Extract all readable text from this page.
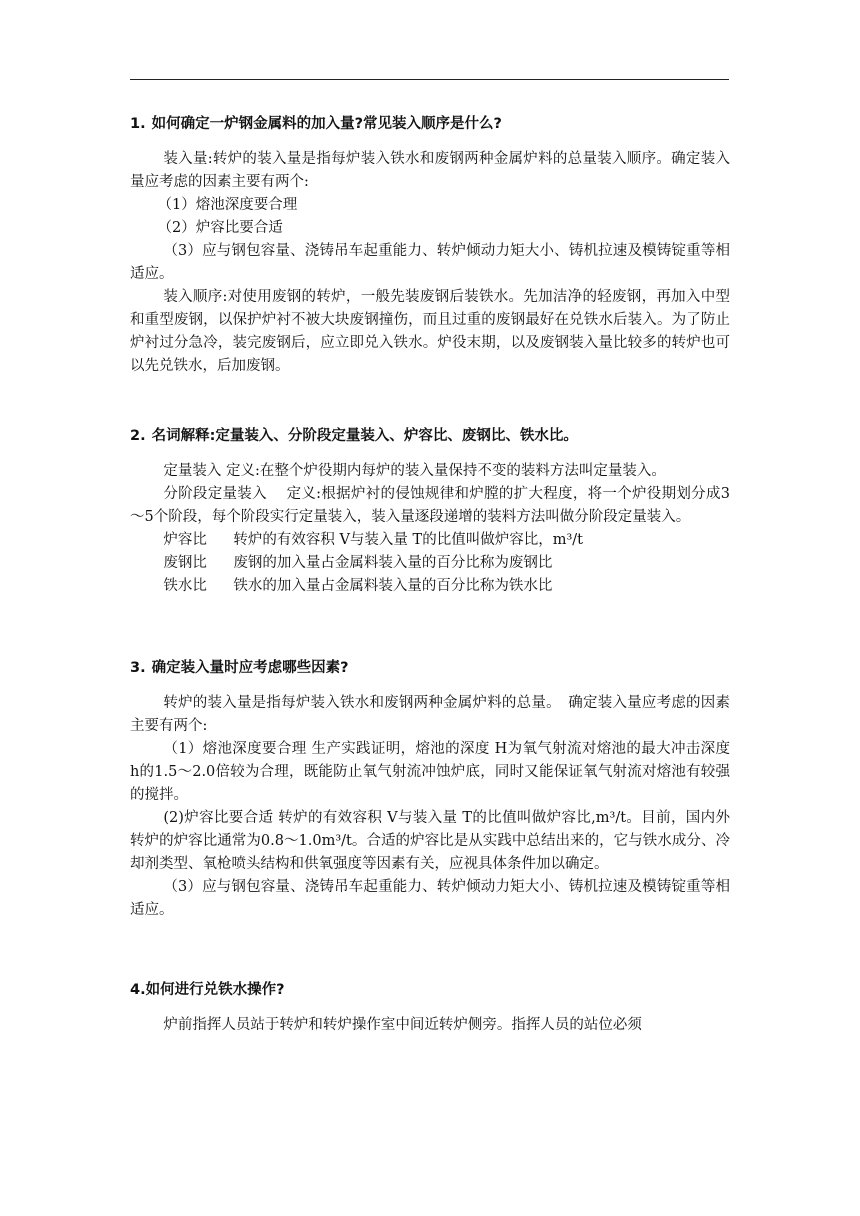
1. 如何确定一炉钢金属料的加入量?常见装入顺序是什么?

装入量:转炉的装入量是指每炉装入铁水和废钢两种金属炉料的总量装入顺序。确定装入量应考虑的因素主要有两个:

（1）熔池深度要合理

（2）炉容比要合适

（3）应与钢包容量、浇铸吊车起重能力、转炉倾动力矩大小、铸机拉速及模铸锭重等相适应。

装入顺序:对使用废钢的转炉，一般先装废钢后装铁水。先加洁净的轻废钢，再加入中型和重型废钢，以保护炉衬不被大块废钢撞伤，而且过重的废钢最好在兑铁水后装入。为了防止炉衬过分急冷，装完废钢后，应立即兑入铁水。炉役末期，以及废钢装入量比较多的转炉也可以先兑铁水，后加废钢。

2. 名词解释:定量装入、分阶段定量装入、炉容比、废钢比、铁水比。

定量装入 定义:在整个炉役期内每炉的装入量保持不变的装料方法叫定量装入。

分阶段定量装入　 定义:根据炉衬的侵蚀规律和炉膛的扩大程度，将一个炉役期划分成3～5个阶段，每个阶段实行定量装入，装入量逐段递增的装料方法叫做分阶段定量装入。

炉容比 转炉的有效容积 V与装入量 T的比值叫做炉容比，m³/t

废钢比 废钢的加入量占金属料装入量的百分比称为废钢比

铁水比 铁水的加入量占金属料装入量的百分比称为铁水比

3. 确定装入量时应考虑哪些因素?

转炉的装入量是指每炉装入铁水和废钢两种金属炉料的总量。　确定装入量应考虑的因素主要有两个:

（1）熔池深度要合理 生产实践证明，熔池的深度 H为氧气射流对熔池的最大冲击深度 h的1.5～2.0倍较为合理，既能防止氧气射流冲蚀炉底，同时又能保证氧气射流对熔池有较强的搅拌。

(2)炉容比要合适 转炉的有效容积 V与装入量 T的比值叫做炉容比,m³/t。目前，国内外转炉的炉容比通常为0.8～1.0m³/t。合适的炉容比是从实践中总结出来的，它与铁水成分、冷却剂类型、氧枪喷头结构和供氧强度等因素有关，应视具体条件加以确定。

（3）应与钢包容量、浇铸吊车起重能力、转炉倾动力矩大小、铸机拉速及模铸锭重等相适应。

4.如何进行兑铁水操作?

炉前指挥人员站于转炉和转炉操作室中间近转炉侧旁。指挥人员的站位必须
